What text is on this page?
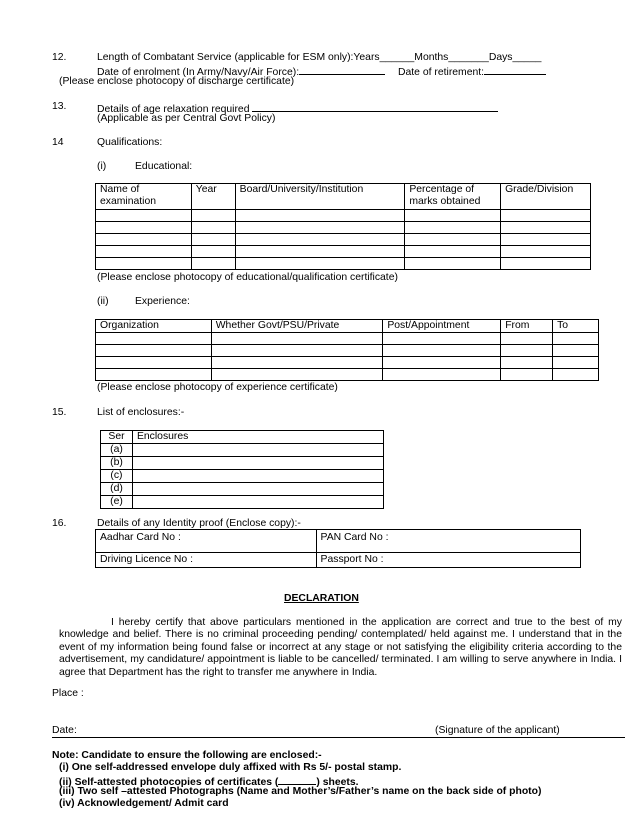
12.	Length of Combatant Service (applicable for ESM only):Years______Months_______Days_____
Date of enrolment (In Army/Navy/Air Force):	Date of retirement:
(Please enclose photocopy of discharge certificate)
13.	Details of age relaxation required
(Applicable as per Central Govt Policy)
14	Qualifications:
(i)	Educational:
Name of examination	Year	Board/University/Institution	Percentage of marks obtained	Grade/Division

(Please enclose photocopy of educational/qualification certificate)
(ii)	Experience:
Organization	Whether Govt/PSU/Private	Post/Appointment	From	To

(Please enclose photocopy of experience certificate)
15.	List of enclosures:-
Ser	Enclosures
(a)	
(b)	
(c)	
(d)	
(e)	
16.	Details of any Identity proof (Enclose copy):-
Aadhar Card No :	PAN Card No :
Driving Licence No :	Passport No :
DECLARATION
I hereby certify that above particulars mentioned in the application are correct and true to the best of my knowledge and belief. There is no criminal proceeding pending/ contemplated/ held against me. I understand that in the event of my information being found false or incorrect at any stage or not satisfying the eligibility criteria according to the advertisement, my candidature/ appointment is liable to be cancelled/ terminated. I am willing to serve anywhere in India. I agree that Department has the right to transfer me anywhere in India.
Place :
Date:	(Signature of the applicant)
Note: Candidate to ensure the following are enclosed:-
(i) One self-addressed envelope duly affixed with Rs 5/- postal stamp.
(ii) Self-attested photocopies of certificates (	) sheets.
(iii) Two self –attested Photographs (Name and Mother’s/Father’s name on the back side of photo)
(iv) Acknowledgement/ Admit card
